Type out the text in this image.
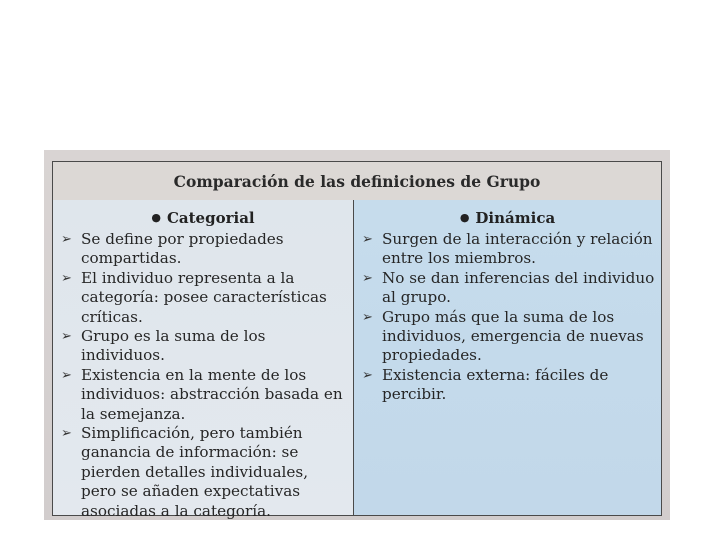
Comparación de las definiciones de Grupo
● Categorial
➢ Se define por propiedades compartidas.
➢ El individuo representa a la categoría: posee características críticas.
➢ Grupo es la suma de los individuos.
➢ Existencia en la mente de los individuos: abstracción basada en la semejanza.
➢ Simplificación, pero también ganancia de información: se pierden detalles individuales, pero se añaden expectativas asociadas a la categoría.
● Dinámica
➢ Surgen de la interacción y relación entre los miembros.
➢ No se dan inferencias del individuo al grupo.
➢ Grupo más que la suma de los individuos, emergencia de nuevas propiedades.
➢ Existencia externa: fáciles de percibir.
